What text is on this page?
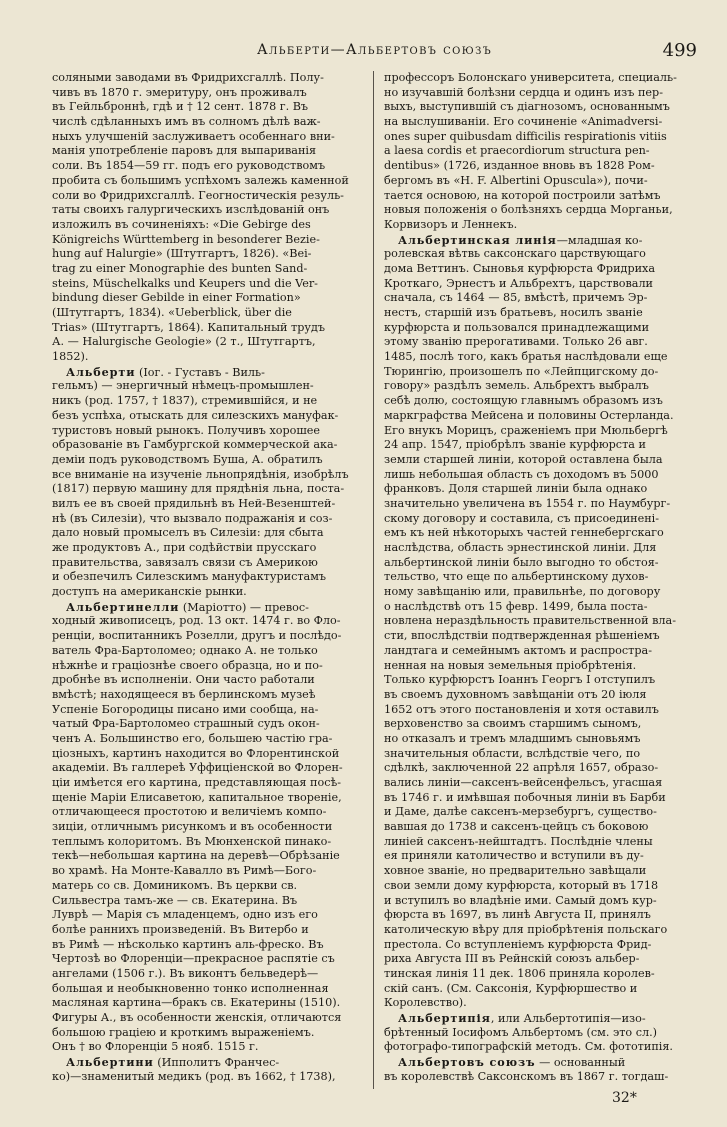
Альберти—Альбертовъ союзъ	499
соляными заводами въ Фридрихсгаллѣ. Полу-
чивъ въ 1870 г. эмеритуру, онъ проживалъ
въ Гейльброннѣ, гдѣ и † 12 сент. 1878 г. Въ
числѣ сдѣланныхъ имъ въ солномъ дѣлѣ важ-
ныхъ улучшеній заслуживаетъ особеннаго вни-
манія употребленіе паровъ для выпариванія
соли. Въ 1854—59 гг. подъ его руководствомъ
пробита съ большимъ успѣхомъ залежь каменной
соли во Фридрихсгаллѣ. Геогностическія резуль-
таты своихъ галургическихъ изслѣдованій онъ
изложилъ въ сочиненіяхъ: «Die Gebirge des
Königreichs Württemberg in besonderer Bezie-
hung auf Halurgie» (Штутгартъ, 1826). «Bei-
trag zu einer Monographie des bunten Sand-
steins, Müschelkalks und Keupers und die Ver-
bindung dieser Gebilde in einer Formation»
(Штутгартъ, 1834). «Ueberblick, über die
Trias» (Штутгартъ, 1864). Капитальный трудъ
А. — Halurgische Geologie» (2 т., Штутгартъ,
1852).
Альберти (Іог. - Густавъ - Виль-
гельмъ) — энергичный нѣмецъ-промышлен-
никъ (род. 1757, † 1837), стремившійся, и не
безъ успѣха, отыскать для силезскихъ мануфак-
туристовъ новый рынокъ. Получивъ хорошее
образованіе въ Гамбургской коммерческой ака-
деміи подъ руководствомъ Буша, А. обратилъ
все вниманіе на изученіе льнопрядѣнія, изобрѣлъ
(1817) первую машину для прядѣнія льна, поста-
вилъ ее въ своей прядильнѣ въ Ней-Везенштей-
нѣ (въ Силезіи), что вызвало подражанія и соз-
дало новый промыселъ въ Силезіи: для сбыта
же продуктовъ А., при содѣйствіи прусскаго
правительства, завязалъ связи съ Америкою
и обезпечилъ Силезскимъ мануфактуристамъ
доступъ на американскіе рынки.
Альбертинелли (Маріотто) — превос-
ходный живописецъ, род. 13 окт. 1474 г. во Фло-
ренціи, воспитанникъ Розелли, другъ и послѣдо-
ватель Фра-Бартоломео; однако А. не только
нѣжнѣе и граціознѣе своего образца, но и по-
дробнѣе въ исполненіи. Они часто работали
вмѣстѣ; находящееся въ берлинскомъ музеѣ
Успеніе Богородицы писано ими сообща, на-
чатый Фра-Бартоломео страшный судъ окон-
ченъ А. Большинство его, большею частію гра-
ціозныхъ, картинъ находится во Флорентинской
академіи. Въ галлереѣ Уффиціенской во Флорен-
ціи имѣется его картина, представляющая посѣ-
щеніе Маріи Елисаветою, капитальное твореніе,
отличающееся простотою и величіемъ компо-
зиціи, отличнымъ рисункомъ и въ особенности
теплымъ колоритомъ. Въ Мюнхенской пинако-
текѣ—небольшая картина на деревѣ—Обрѣзаніе
во храмѣ. На Монте-Кавалло въ Римѣ—Бого-
матерь со св. Доминикомъ. Въ церкви св.
Сильвестра тамъ-же — св. Екатерина. Въ
Луврѣ — Марія съ младенцемъ, одно изъ его
болѣе раннихъ произведеній. Въ Витербо и
въ Римѣ — нѣсколько картинъ аль-фреско. Въ
Чертозѣ во Флоренціи—прекрасное распятіе съ
ангелами (1506 г.). Въ виконтъ бельведерѣ—
большая и необыкновенно тонко исполненная
масляная картина—бракъ св. Екатерины (1510).
Фигуры А., въ особенности женскія, отличаются
большою граціею и кроткимъ выраженіемъ.
Онъ † во Флоренціи 5 нояб. 1515 г.
Альбертини (Ипполитъ Франчес-
ко)—знаменитый медикъ (род. въ 1662, † 1738),
профессоръ Болонскаго университета, специаль-
но изучавшій болѣзни сердца и одинъ изъ пер-
выхъ, выступившій съ діагнозомъ, основаннымъ
на выслушиваніи. Его сочиненіе «Animadversi-
ones super quibusdam difficilis respirationis vitiis
a laesa cordis et praecordiorum structura pen-
dentibus» (1726, изданное вновь въ 1828 Ром-
бергомъ въ «H. F. Albertini Opuscula»), почи-
тается основою, на которой построили затѣмъ
новыя положенія о болѣзняхъ сердца Морганьи,
Корвизоръ и Леннекъ.
Альбертинская линія—младшая ко-
ролевская вѣтвь саксонскаго царствующаго
дома Веттинъ. Сыновья курфюрста Фридриха
Кроткаго, Эрнестъ и Альбрехтъ, царствовали
сначала, съ 1464 — 85, вмѣстѣ, причемъ Эр-
нестъ, старшій изъ братьевъ, носилъ званіе
курфюрста и пользовался принадлежащими
этому званію прерогативами. Только 26 авг.
1485, послѣ того, какъ братья наслѣдовали еще
Тюрингію, произошелъ по «Лейпцигскому до-
говору» раздѣлъ земель. Альбрехтъ выбралъ
себѣ долю, состоящую главнымъ образомъ изъ
маркграфства Мейсена и половины Остерланда.
Его внукъ Морицъ, сраженіемъ при Мюльбергѣ
24 апр. 1547, пріобрѣлъ званіе курфюрста и
земли старшей линіи, которой оставлена была
лишь небольшая область съ доходомъ въ 5000
франковъ. Доля старшей линіи была однако
значительно увеличена въ 1554 г. по Наумбург-
скому договору и составила, съ присоединені-
емъ къ ней нѣкоторыхъ частей геннебергскаго
наслѣдства, область эрнестинской линіи. Для
альбертинской линіи было выгодно то обстоя-
тельство, что еще по альбертинскому духов-
ному завѣщанію или, правильнѣе, по договору
о наслѣдствѣ отъ 15 февр. 1499, была поста-
новлена нераздѣльность правительственной вла-
сти, впослѣдствіи подтвержденная рѣшеніемъ
ландтага и семейнымъ актомъ и распростра-
ненная на новыя земельныя пріобрѣтенія.
Только курфюрстъ Іоаннъ Георгъ I отступилъ
въ своемъ духовномъ завѣщаніи отъ 20 іюля
1652 отъ этого постановленія и хотя оставилъ
верховенство за своимъ старшимъ сыномъ,
но отказалъ и тремъ младшимъ сыновьямъ
значительныя области, вслѣдствіе чего, по
сдѣлкѣ, заключенной 22 апрѣля 1657, образо-
вались линіи—саксенъ-вейсенфельсъ, угасшая
въ 1746 г. и имѣвшая побочныя линіи въ Барби
и Даме, далѣе саксенъ-мерзебургъ, существо-
вавшая до 1738 и саксенъ-цейцъ съ боковою
линіей саксенъ-нейштадтъ. Послѣдніе члены
ея приняли католичество и вступили въ ду-
ховное званіе, но предварительно завѣщали
свои земли дому курфюрста, который въ 1718
и вступилъ во владѣніе ими. Самый домъ кур-
фюрста въ 1697, въ линѣ Августа II, принялъ
католическую вѣру для пріобрѣтенія польскаго
престола. Со вступленіемъ курфюрста Фрид-
риха Августа III въ Рейнскій союзъ альбер-
тинская линія 11 дек. 1806 приняла королев-
скій санъ. (См. Саксонія, Курфюршество и
Королевство).
Альбертипія, или Альбертотипія—изо-
брѣтенный Іосифомъ Альбертомъ (см. это сл.)
фотографо-типографскій методъ. См. фототипія.
Альбертовъ союзъ — основанный
въ королевствѣ Саксонскомъ въ 1867 г. тогдаш-
32*
